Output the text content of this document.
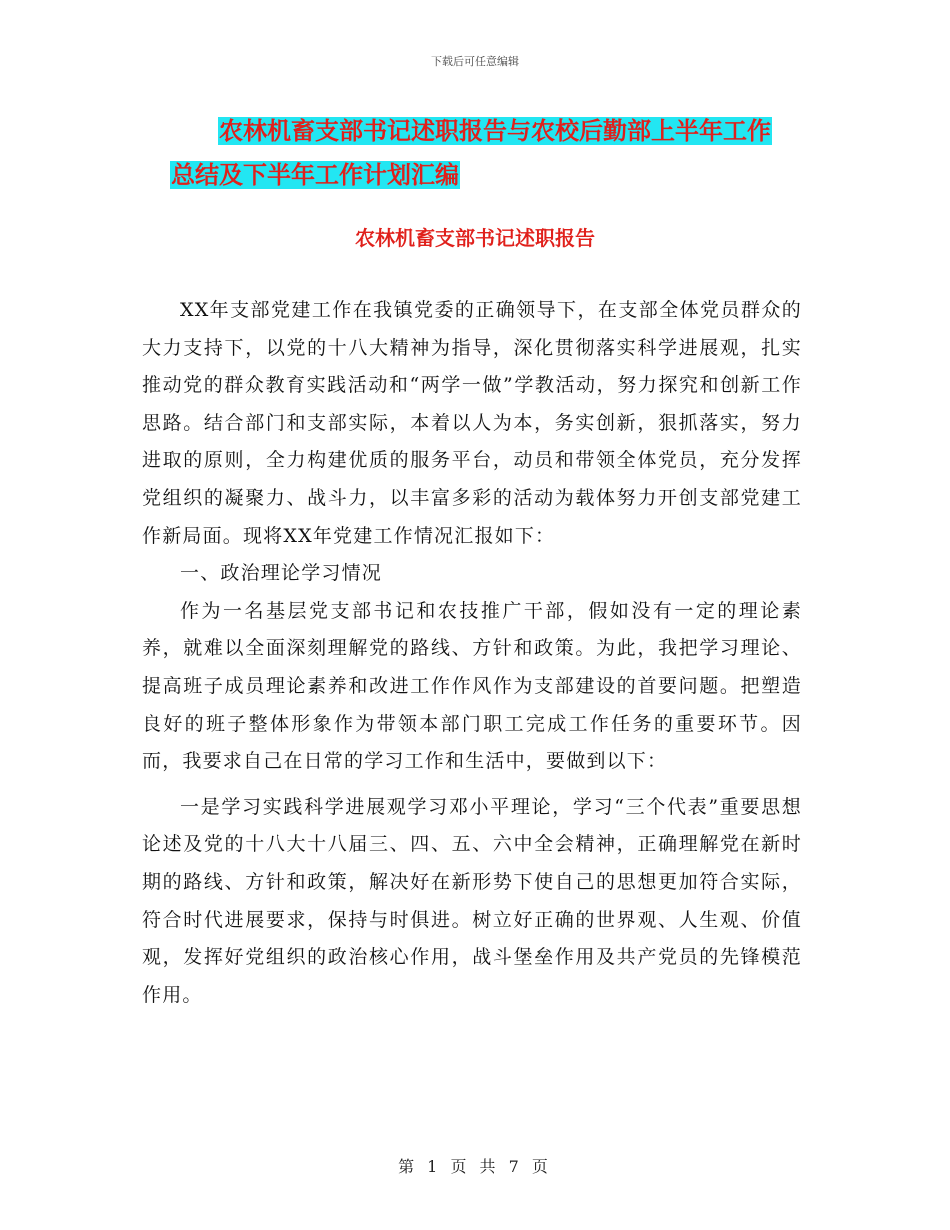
下载后可任意编辑
农林机畜支部书记述职报告与农校后勤部上半年工作
总结及下半年工作计划汇编
农林机畜支部书记述职报告

XX年支部党建工作在我镇党委的正确领导下，在支部全体党员群众的大力支持下，以党的十八大精神为指导，深化贯彻落实科学进展观，扎实推动党的群众教育实践活动和“两学一做”学教活动，努力探究和创新工作思路。结合部门和支部实际，本着以人为本，务实创新，狠抓落实，努力进取的原则，全力构建优质的服务平台，动员和带领全体党员，充分发挥党组织的凝聚力、战斗力，以丰富多彩的活动为载体努力开创支部党建工作新局面。现将XX年党建工作情况汇报如下：

一、政治理论学习情况

作为一名基层党支部书记和农技推广干部，假如没有一定的理论素养，就难以全面深刻理解党的路线、方针和政策。为此，我把学习理论、提高班子成员理论素养和改进工作作风作为支部建设的首要问题。把塑造良好的班子整体形象作为带领本部门职工完成工作任务的重要环节。因而，我要求自己在日常的学习工作和生活中，要做到以下：

一是学习实践科学进展观学习邓小平理论，学习“三个代表”重要思想论述及党的十八大十八届三、四、五、六中全会精神，正确理解党在新时期的路线、方针和政策，解决好在新形势下使自己的思想更加符合实际，符合时代进展要求，保持与时俱进。树立好正确的世界观、人生观、价值观，发挥好党组织的政治核心作用，战斗堡垒作用及共产党员的先锋模范作用。

第 1 页 共 7 页
